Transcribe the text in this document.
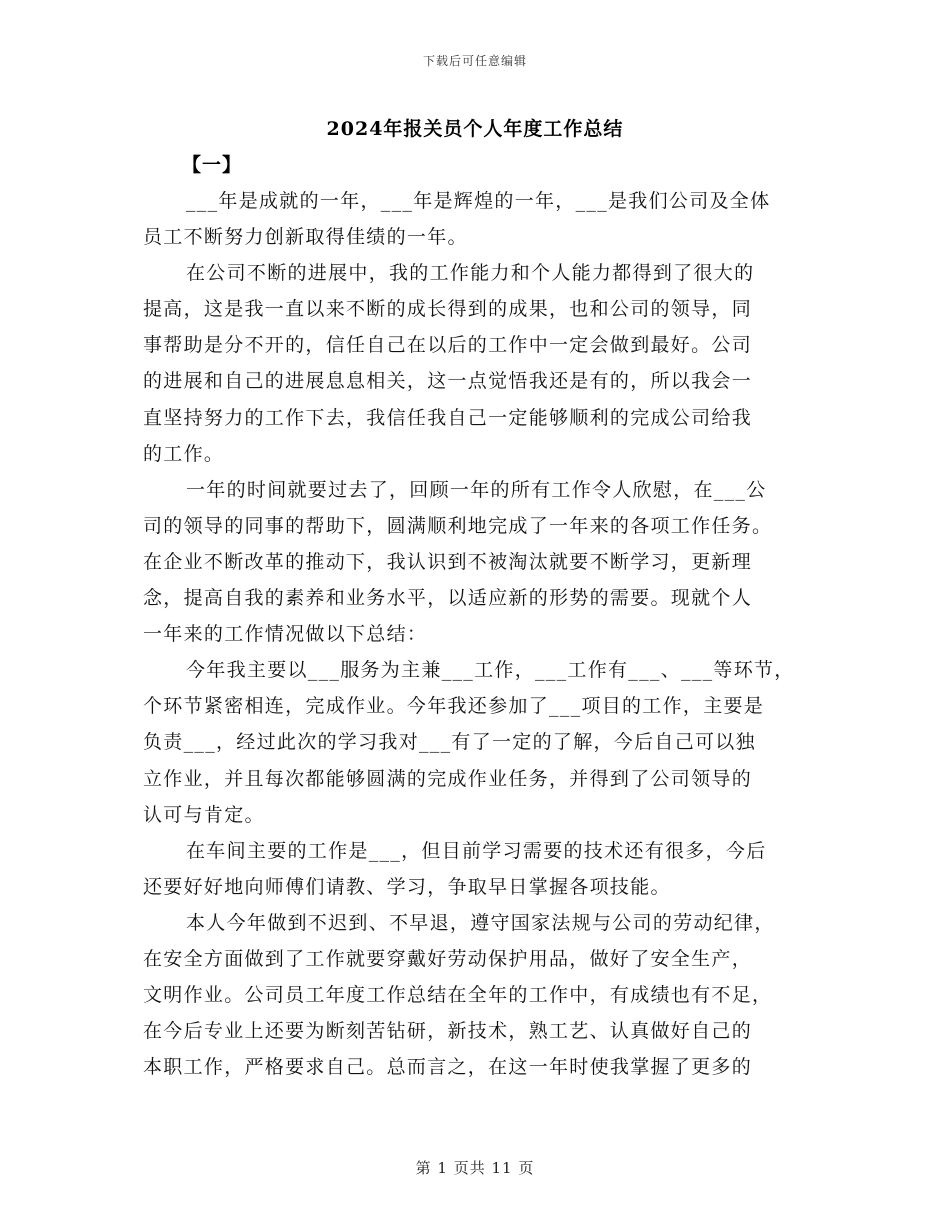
下载后可任意编辑
2024年报关员个人年度工作总结
【一】
___年是成就的一年，___年是辉煌的一年，___是我们公司及全体
员工不断努力创新取得佳绩的一年。
在公司不断的进展中，我的工作能力和个人能力都得到了很大的
提高，这是我一直以来不断的成长得到的成果，也和公司的领导，同
事帮助是分不开的，信任自己在以后的工作中一定会做到最好。公司
的进展和自己的进展息息相关，这一点觉悟我还是有的，所以我会一
直坚持努力的工作下去，我信任我自己一定能够顺利的完成公司给我
的工作。
一年的时间就要过去了，回顾一年的所有工作令人欣慰，在___公
司的领导的同事的帮助下，圆满顺利地完成了一年来的各项工作任务。
在企业不断改革的推动下，我认识到不被淘汰就要不断学习，更新理
念，提高自我的素养和业务水平，以适应新的形势的需要。现就个人
一年来的工作情况做以下总结：
今年我主要以___服务为主兼___工作，___工作有___、___等环节，
个环节紧密相连，完成作业。今年我还参加了___项目的工作，主要是
负责___，经过此次的学习我对___有了一定的了解，今后自己可以独
立作业，并且每次都能够圆满的完成作业任务，并得到了公司领导的
认可与肯定。
在车间主要的工作是___，但目前学习需要的技术还有很多，今后
还要好好地向师傅们请教、学习，争取早日掌握各项技能。
本人今年做到不迟到、不早退，遵守国家法规与公司的劳动纪律，
在安全方面做到了工作就要穿戴好劳动保护用品，做好了安全生产，
文明作业。公司员工年度工作总结在全年的工作中，有成绩也有不足，
在今后专业上还要为断刻苦钻研，新技术，熟工艺、认真做好自己的
本职工作，严格要求自己。总而言之，在这一年时使我掌握了更多的
第 1 页共 11 页
